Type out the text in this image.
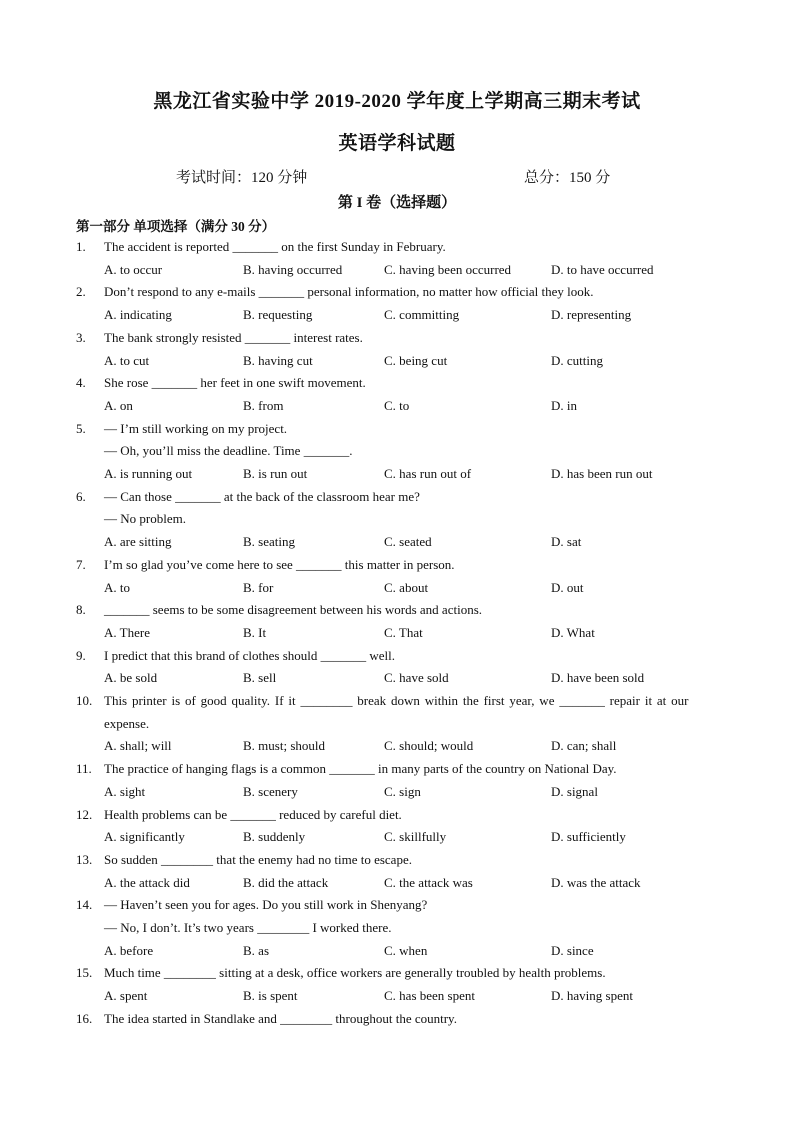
黑龙江省实验中学 2019-2020 学年度上学期高三期末考试
英语学科试题
考试时间：120 分钟	总分：150 分
第 I 卷（选择题）
第一部分 单项选择（满分 30 分）
1.	The accident is reported _______ on the first Sunday in February.
A. to occur	B. having occurred	C. having been occurred	D. to have occurred
2.	Don’t respond to any e-mails _______ personal information, no matter how official they look.
A. indicating	B. requesting	C. committing	D. representing
3.	The bank strongly resisted _______ interest rates.
A. to cut	B. having cut	C. being cut	D. cutting
4.	She rose _______ her feet in one swift movement.
A. on	B. from	C. to	D. in
5.	— I’m still working on my project.
— Oh, you’ll miss the deadline. Time _______.
A. is running out	B. is run out	C. has run out of	D. has been run out
6.	— Can those _______ at the back of the classroom hear me?
— No problem.
A. are sitting	B. seating	C. seated	D. sat
7.	I’m so glad you’ve come here to see _______ this matter in person.
A. to	B. for	C. about	D. out
8.	_______ seems to be some disagreement between his words and actions.
A. There	B. It	C. That	D. What
9.	I predict that this brand of clothes should _______ well.
A. be sold	B. sell	C. have sold	D. have been sold
10. This printer is of good quality. If it ________ break down within the first year, we _______ repair it at our
expense.
A. shall; will	B. must; should	C. should; would	D. can; shall
11. The practice of hanging flags is a common _______ in many parts of the country on National Day.
A. sight	B. scenery	C. sign	D. signal
12. Health problems can be _______ reduced by careful diet.
A. significantly	B. suddenly	C. skillfully	D. sufficiently
13. So sudden ________ that the enemy had no time to escape.
A. the attack did	B. did the attack	C. the attack was	D. was the attack
14. — Haven’t seen you for ages. Do you still work in Shenyang?
— No, I don’t. It’s two years ________ I worked there.
A. before	B. as	C. when	D. since
15. Much time ________ sitting at a desk, office workers are generally troubled by health problems.
A. spent	B. is spent	C. has been spent	D. having spent
16. The idea started in Standlake and ________ throughout the country.
